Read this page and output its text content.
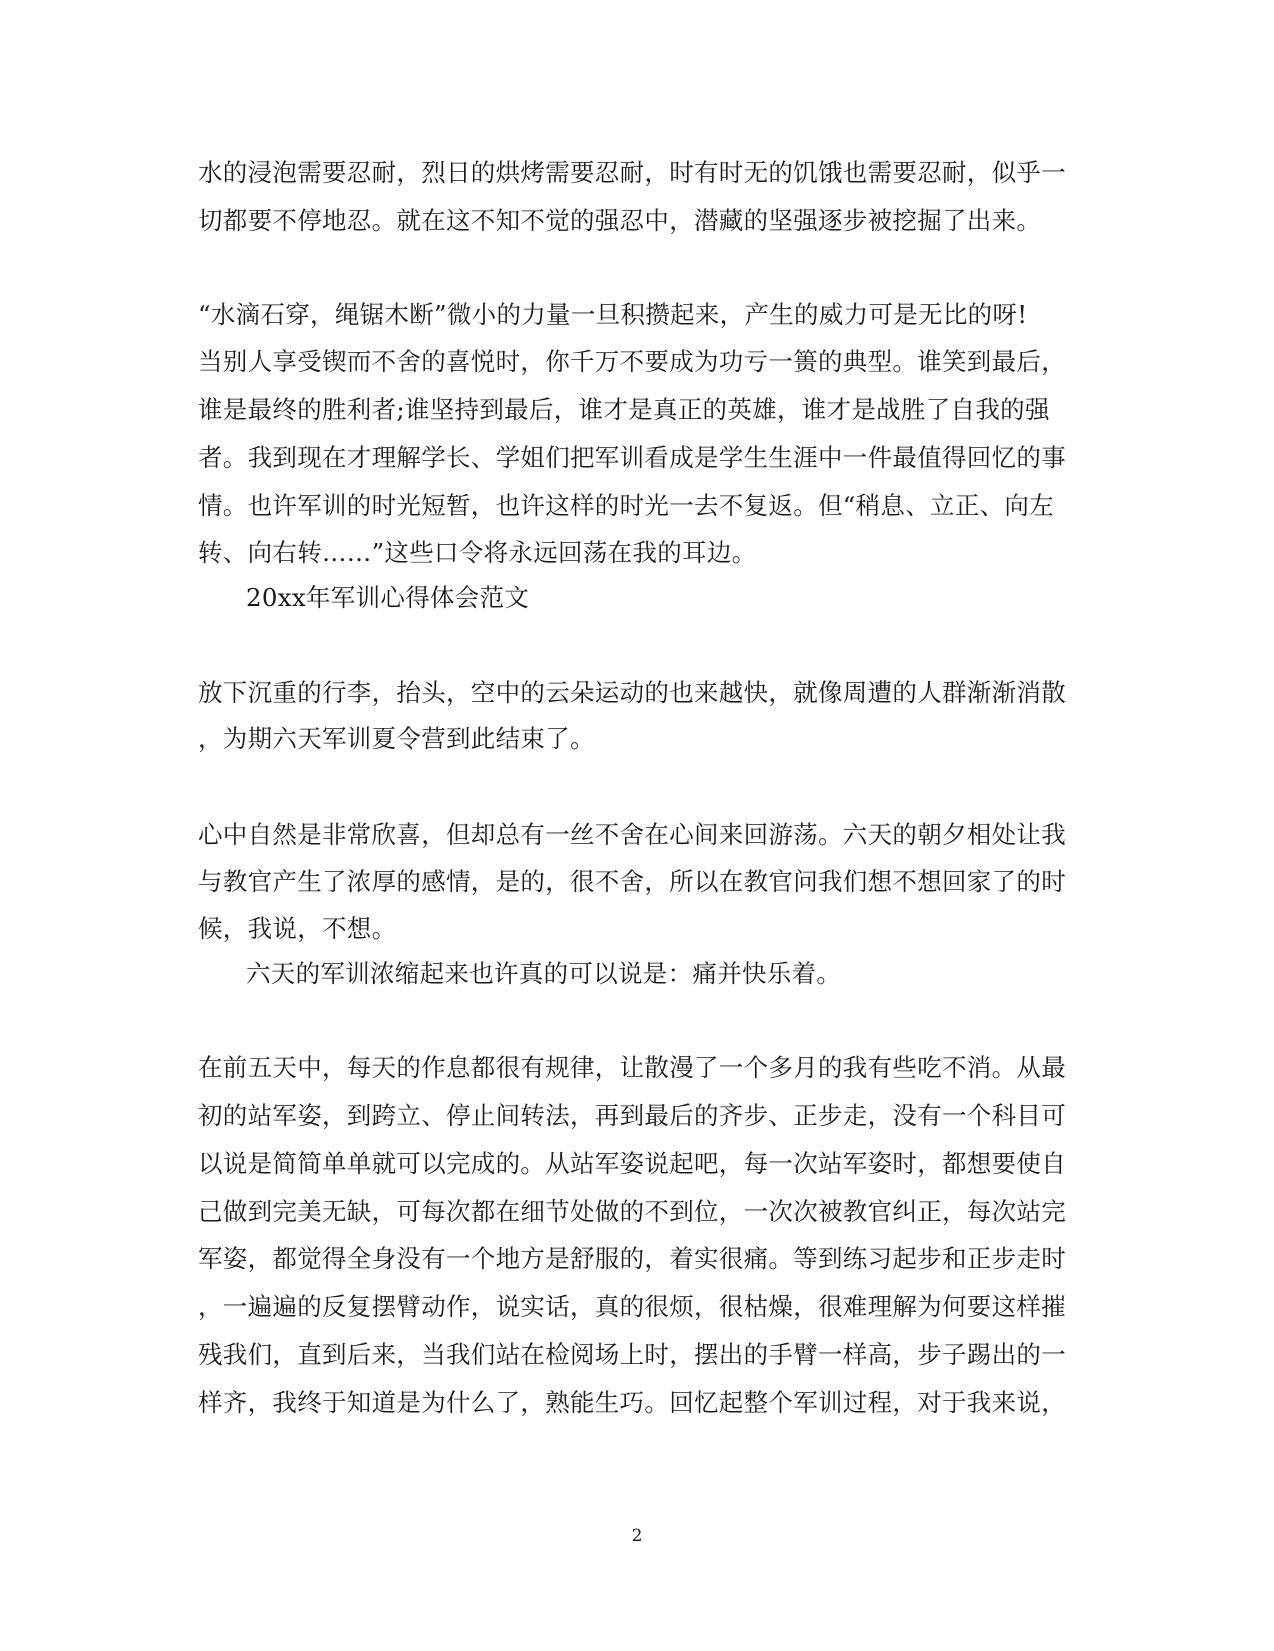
水的浸泡需要忍耐，烈日的烘烤需要忍耐，时有时无的饥饿也需要忍耐，似乎一
切都要不停地忍。就在这不知不觉的强忍中，潜藏的坚强逐步被挖掘了出来。
“水滴石穿，绳锯木断”微小的力量一旦积攒起来，产生的威力可是无比的呀!
当别人享受锲而不舍的喜悦时，你千万不要成为功亏一篑的典型。谁笑到最后，
谁是最终的胜利者;谁坚持到最后，谁才是真正的英雄，谁才是战胜了自我的强
者。我到现在才理解学长、学姐们把军训看成是学生生涯中一件最值得回忆的事
情。也许军训的时光短暂，也许这样的时光一去不复返。但“稍息、立正、向左
转、向右转……”这些口令将永远回荡在我的耳边。
20xx年军训心得体会范文
放下沉重的行李，抬头，空中的云朵运动的也来越快，就像周遭的人群渐渐消散
，为期六天军训夏令营到此结束了。
心中自然是非常欣喜，但却总有一丝不舍在心间来回游荡。六天的朝夕相处让我
与教官产生了浓厚的感情，是的，很不舍，所以在教官问我们想不想回家了的时
候，我说，不想。
六天的军训浓缩起来也许真的可以说是：痛并快乐着。
在前五天中，每天的作息都很有规律，让散漫了一个多月的我有些吃不消。从最
初的站军姿，到跨立、停止间转法，再到最后的齐步、正步走，没有一个科目可
以说是简简单单就可以完成的。从站军姿说起吧，每一次站军姿时，都想要使自
己做到完美无缺，可每次都在细节处做的不到位，一次次被教官纠正，每次站完
军姿，都觉得全身没有一个地方是舒服的，着实很痛。等到练习起步和正步走时
，一遍遍的反复摆臂动作，说实话，真的很烦，很枯燥，很难理解为何要这样摧
残我们，直到后来，当我们站在检阅场上时，摆出的手臂一样高，步子踢出的一
样齐，我终于知道是为什么了，熟能生巧。回忆起整个军训过程，对于我来说，
2
